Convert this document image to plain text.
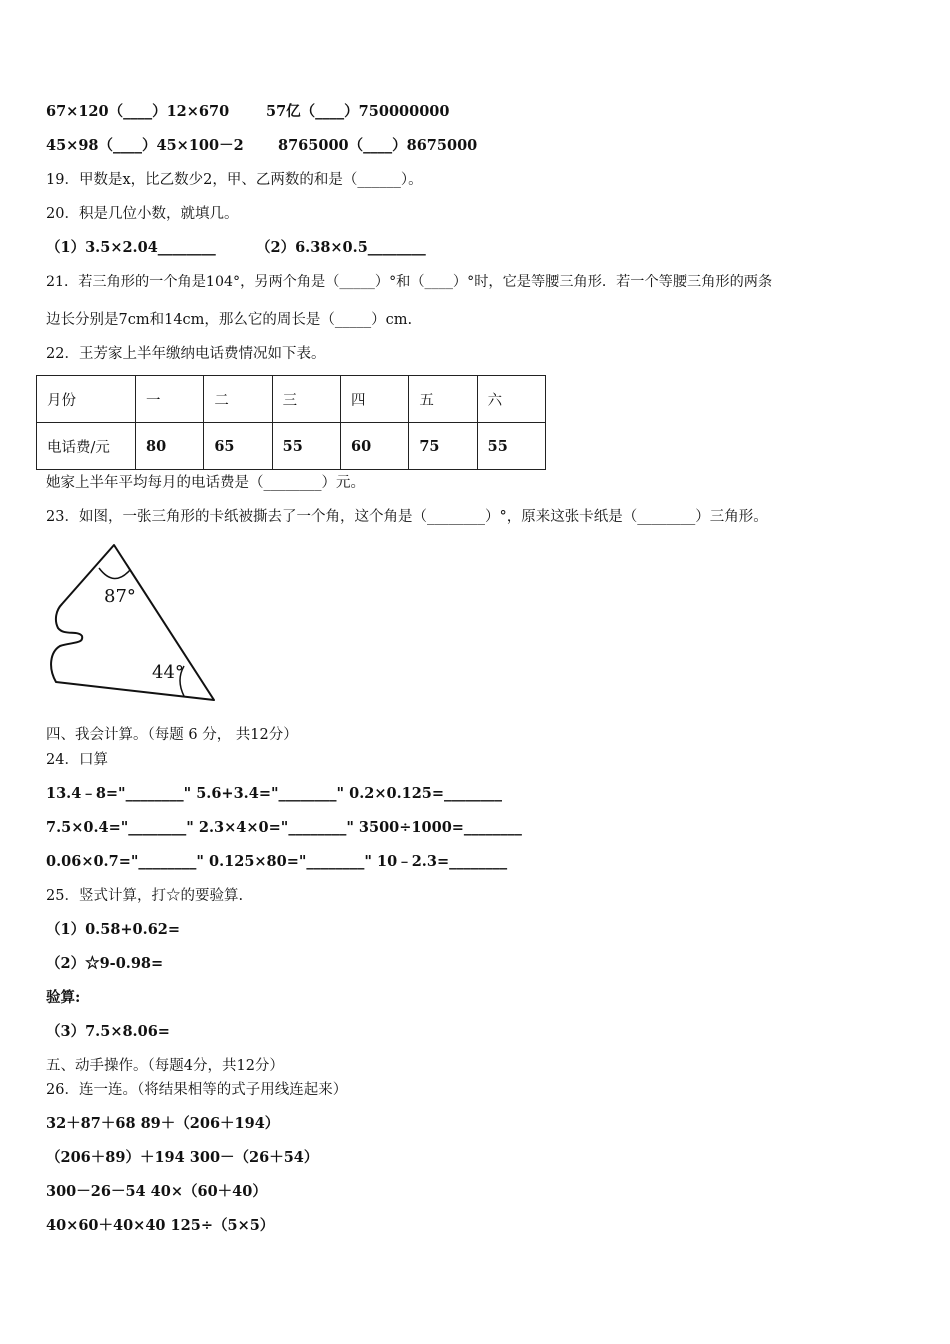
67×120（____）12×670	57亿（____）750000000
45×98（____）45×100－2 8765000（____）8675000
19．甲数是x，比乙数少2，甲、乙两数的和是（______）。
20．积是几位小数，就填几。
（1）3.5×2.04________	（2）6.38×0.5________
21．若三角形的一个角是104°，另两个角是（_____）°和（____）°时，它是等腰三角形．若一个等腰三角形的两条
边长分别是7cm和14cm，那么它的周长是（_____）cm.
22．王芳家上半年缴纳电话费情况如下表。
月份	一	二	三	四	五	六
电话费/元	80	65	55	60	75	55
她家上半年平均每月的电话费是（________）元。
23．如图，一张三角形的卡纸被撕去了一个角，这个角是（________）°，原来这张卡纸是（________）三角形。
87°
44°
四、我会计算。（每题 6 分， 共12分）
24．口算
13.4﹣8="________" 5.6+3.4="________" 0.2×0.125=________
7.5×0.4="________" 2.3×4×0="________" 3500÷1000=________
0.06×0.7="________" 0.125×80="________" 10﹣2.3=________
25．竖式计算，打☆的要验算.
（1）0.58+0.62=
（2）☆9-0.98=
验算:
（3）7.5×8.06=
五、动手操作。（每题4分，共12分）
26．连一连。（将结果相等的式子用线连起来）
32＋87＋68 89＋（206＋194）
（206＋89）＋194 300－（26＋54）
300－26－54 40×（60＋40）
40×60＋40×40 125÷（5×5）
